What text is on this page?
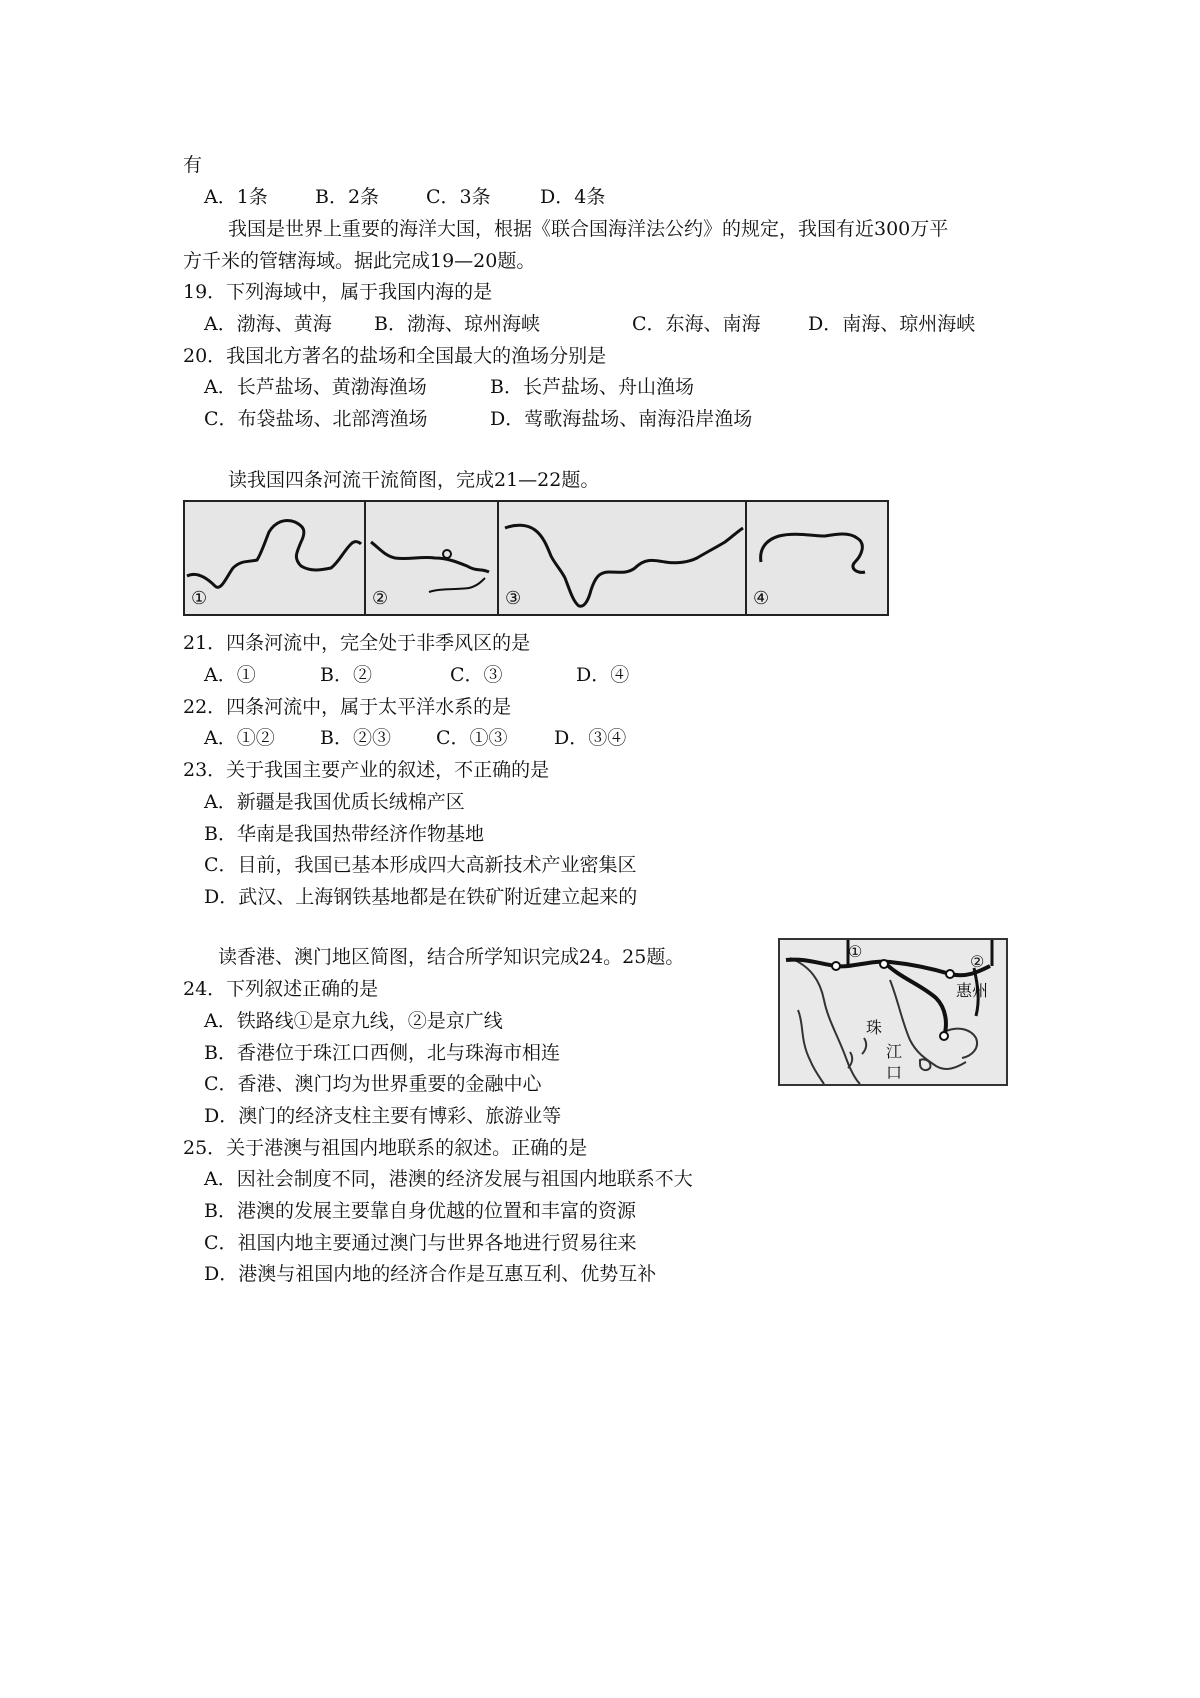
有
A．1条 B．2条 C．3条	D．4条
我国是世界上重要的海洋大国，根据《联合国海洋法公约》的规定，我国有近300万平
方千米的管辖海域。据此完成19—20题。
19．下列海域中，属于我国内海的是
A．渤海、黄海 B．渤海、琼州海峡	C．东海、南海 D．南海、琼州海峡
20．我国北方著名的盐场和全国最大的渔场分别是
A．长芦盐场、黄渤海渔场	B．长芦盐场、舟山渔场
C．布袋盐场、北部湾渔场	D．莺歌海盐场、南海沿岸渔场
读我国四条河流干流简图，完成21—22题。
①	②	③	④
21．四条河流中，完全处于非季风区的是
A．①	B．②	C．③	D．④
22．四条河流中，属于太平洋水系的是
A．①② B．②③ C．①③ D．③④
23．关于我国主要产业的叙述，不正确的是
A．新疆是我国优质长绒棉产区
B．华南是我国热带经济作物基地
C．目前，我国已基本形成四大高新技术产业密集区
D．武汉、上海钢铁基地都是在铁矿附近建立起来的
读香港、澳门地区简图，结合所学知识完成24。25题。	①
②
惠州
珠
江
口
24．下列叙述正确的是
A．铁路线①是京九线，②是京广线
B．香港位于珠江口西侧，北与珠海市相连
C．香港、澳门均为世界重要的金融中心
D．澳门的经济支柱主要有博彩、旅游业等
25．关于港澳与祖国内地联系的叙述。正确的是
A．因社会制度不同，港澳的经济发展与祖国内地联系不大
B．港澳的发展主要靠自身优越的位置和丰富的资源
C．祖国内地主要通过澳门与世界各地进行贸易往来
D．港澳与祖国内地的经济合作是互惠互利、优势互补
